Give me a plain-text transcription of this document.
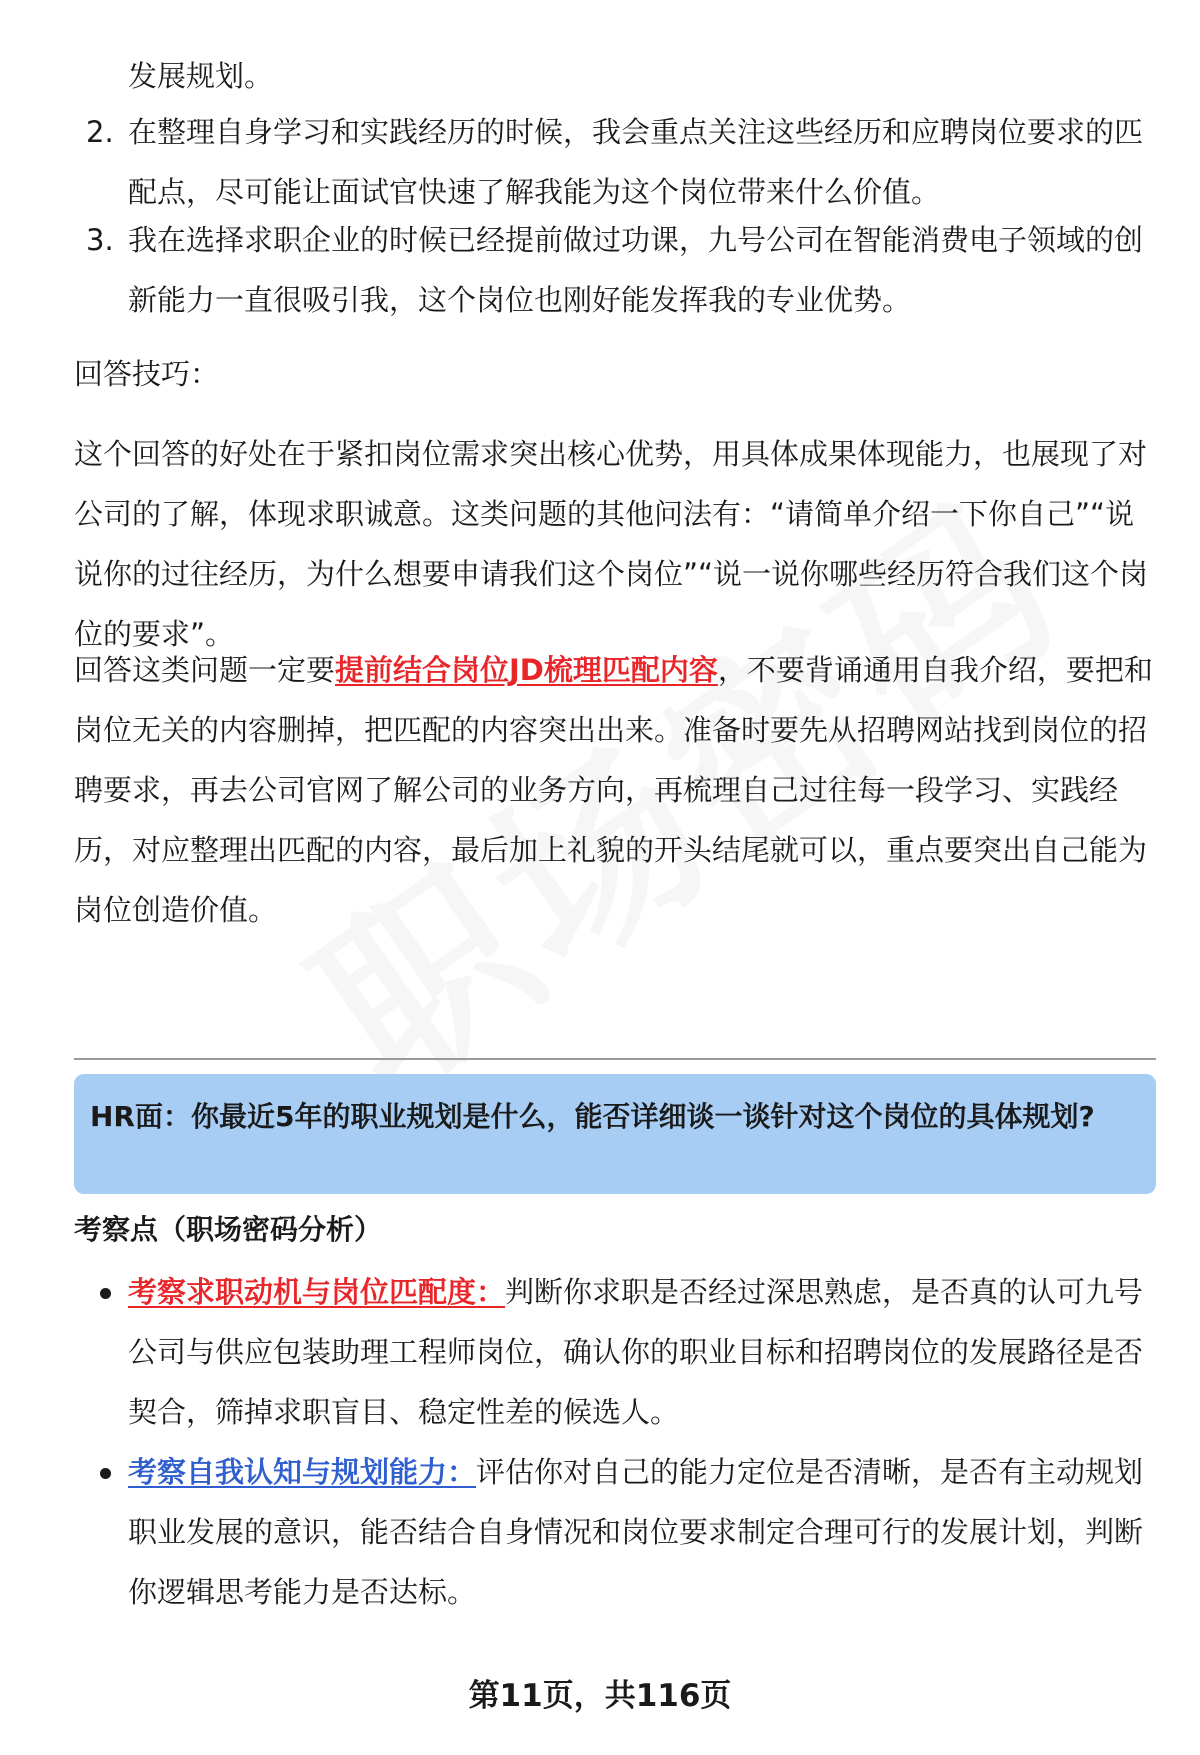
发展规划。
2. 在整理自身学习和实践经历的时候，我会重点关注这些经历和应聘岗位要求的匹配点，尽可能让面试官快速了解我能为这个岗位带来什么价值。
3. 我在选择求职企业的时候已经提前做过功课，九号公司在智能消费电子领域的创新能力一直很吸引我，这个岗位也刚好能发挥我的专业优势。
回答技巧：
这个回答的好处在于紧扣岗位需求突出核心优势，用具体成果体现能力，也展现了对公司的了解，体现求职诚意。这类问题的其他问法有：“请简单介绍一下你自己”“说说你的过往经历，为什么想要申请我们这个岗位”“说一说你哪些经历符合我们这个岗位的要求”。
回答这类问题一定要提前结合岗位JD梳理匹配内容，不要背诵通用自我介绍，要把和岗位无关的内容删掉，把匹配的内容突出出来。准备时要先从招聘网站找到岗位的招聘要求，再去公司官网了解公司的业务方向，再梳理自己过往每一段学习、实践经历，对应整理出匹配的内容，最后加上礼貌的开头结尾就可以，重点要突出自己能为岗位创造价值。
HR面：你最近5年的职业规划是什么，能否详细谈一谈针对这个岗位的具体规划?
考察点（职场密码分析）
考察求职动机与岗位匹配度：判断你求职是否经过深思熟虑，是否真的认可九号公司与供应包装助理工程师岗位，确认你的职业目标和招聘岗位的发展路径是否契合，筛掉求职盲目、稳定性差的候选人。
考察自我认知与规划能力：评估你对自己的能力定位是否清晰，是否有主动规划职业发展的意识，能否结合自身情况和岗位要求制定合理可行的发展计划，判断你逻辑思考能力是否达标。
第11页，共116页
